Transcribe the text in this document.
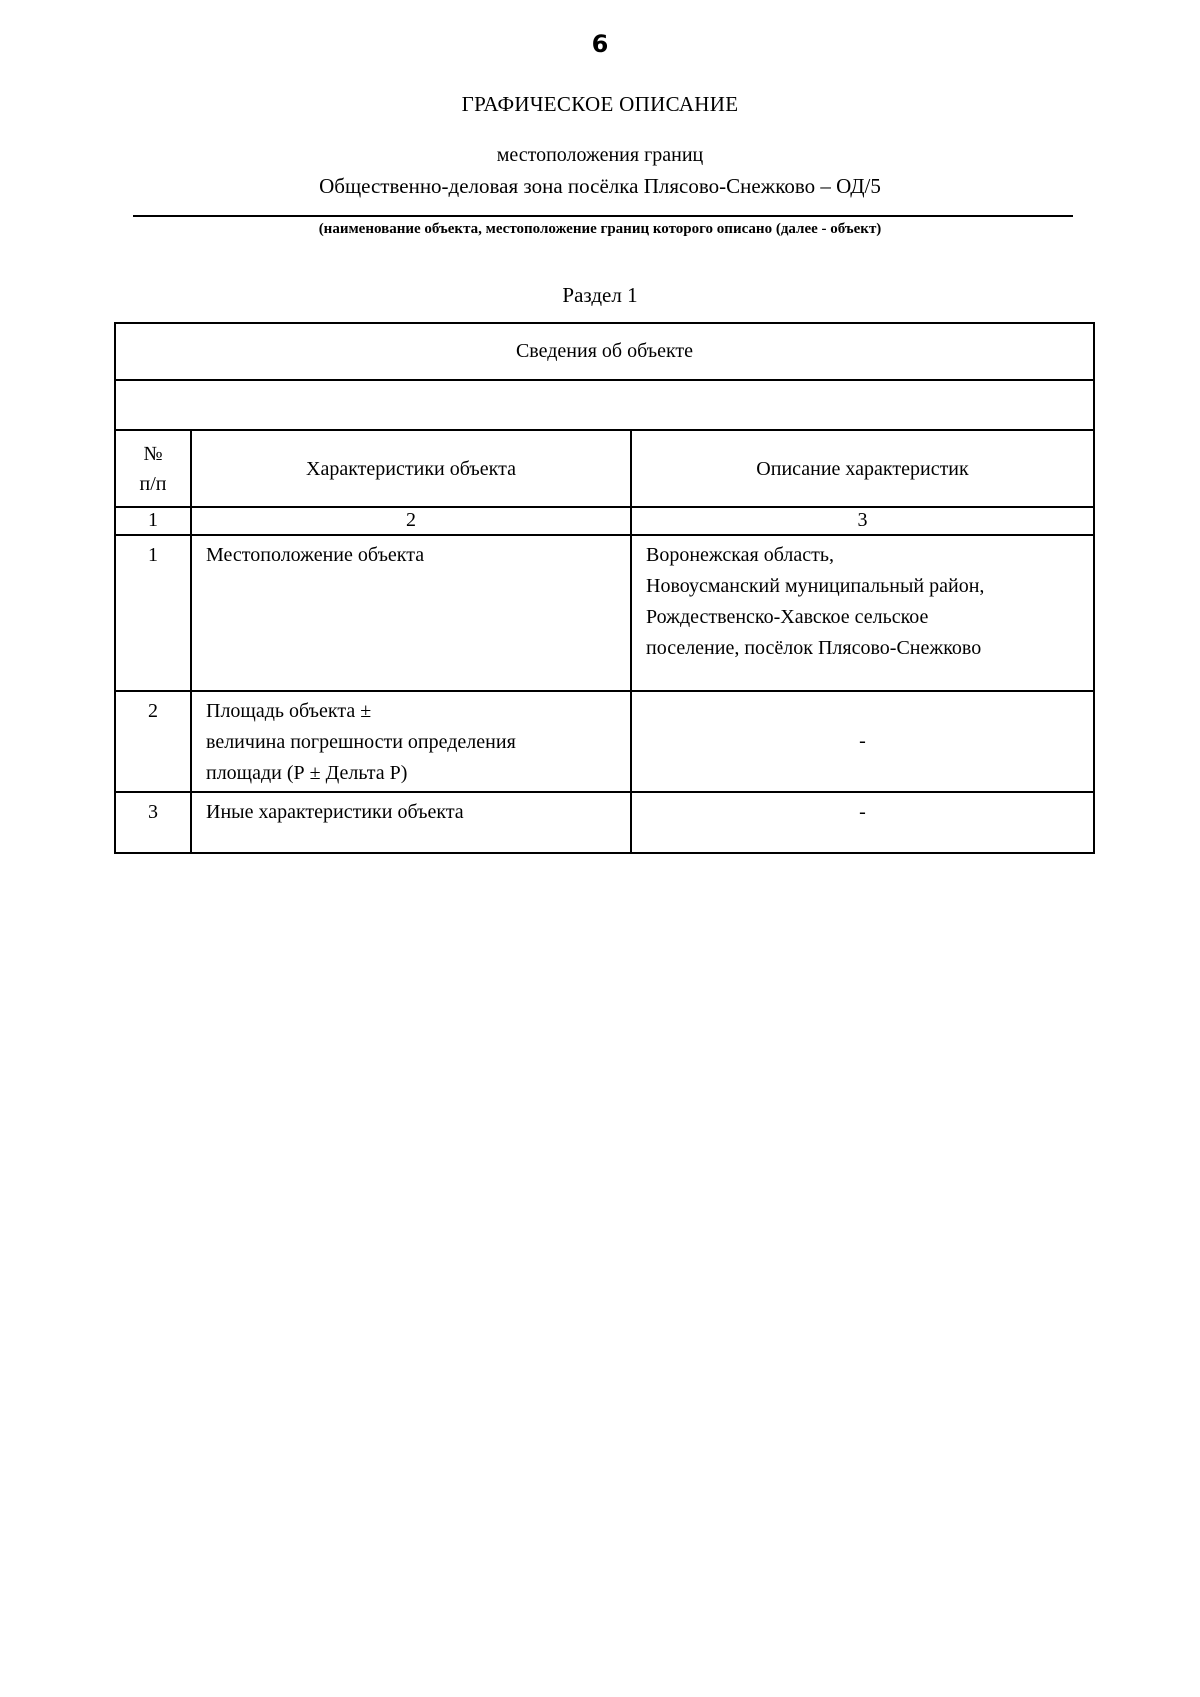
6
ГРАФИЧЕСКОЕ ОПИСАНИЕ
местоположения границ
Общественно-деловая зона посёлка Плясово-Снежково – ОД/5
(наименование объекта, местоположение границ которого описано (далее - объект)
Раздел 1
Сведения об объекте		

№
п/п	Характеристики объекта	Описание характеристик
1	2	3
1	Местоположение объекта	Воронежская область,
Новоусманский муниципальный район,
Рождественско-Хавское сельское
поселение, посёлок Плясово-Снежково

2	Площадь объекта ±
величина погрешности определения
площади (Р ± Дельта Р)	-
3	Иные характеристики объекта	-
